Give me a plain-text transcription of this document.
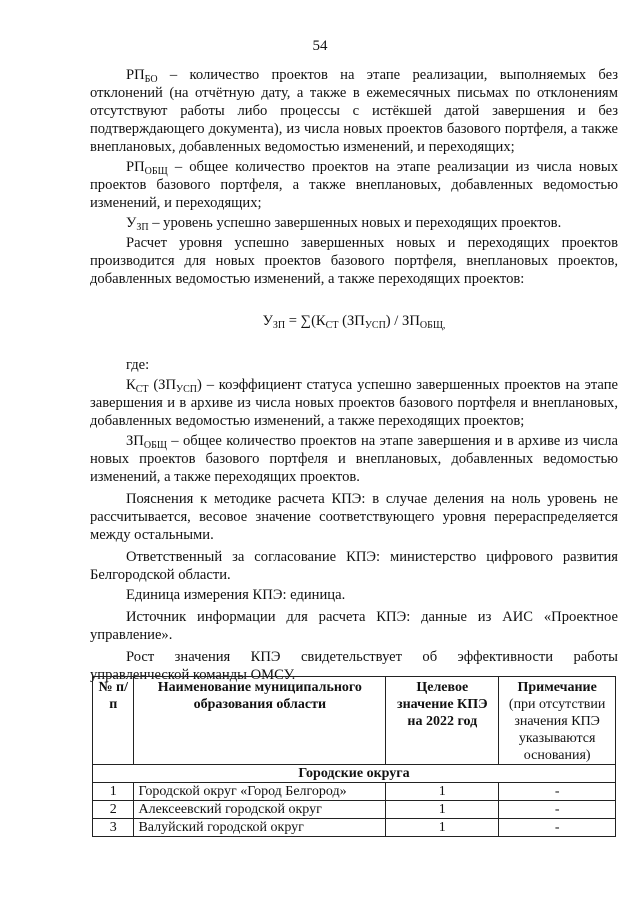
54

$РП_{БО}$ – количество проектов на этапе реализации, выполняемых без отклонений (на отчётную дату, а также в ежемесячных письмах по отклонениям отсутствуют работы либо процессы с истёкшей датой завершения и без подтверждающего документа), из числа новых проектов базового портфеля, а также внеплановых, добавленных ведомостью изменений, и переходящих;

$РП_{ОБЩ}$ – общее количество проектов на этапе реализации из числа новых проектов базового портфеля, а также внеплановых, добавленных ведомостью изменений, и переходящих;

$У_{ЗП}$ – уровень успешно завершенных новых и переходящих проектов.

Расчет уровня успешно завершенных новых и переходящих проектов производится для новых проектов базового портфеля, внеплановых проектов, добавленных ведомостью изменений, а также переходящих проектов:

$У_{ЗП} = \sum(К_{СТ}$ $(ЗП_{УСП}) / ЗП_{ОБЩ,}$

где:

$К_{СТ}$ $(ЗП_{УСП})$ – коэффициент статуса успешно завершенных проектов на этапе завершения и в архиве из числа новых проектов базового портфеля и внеплановых, добавленных ведомостью изменений, а также переходящих проектов;

$ЗП_{ОБЩ}$ – общее количество проектов на этапе завершения и в архиве из числа новых проектов базового портфеля и внеплановых, добавленных ведомостью изменений, а также переходящих проектов.

Пояснения к методике расчета КПЭ: в случае деления на ноль уровень не рассчитывается, весовое значение соответствующего уровня перераспределяется между остальными.

Ответственный за согласование КПЭ: министерство цифрового развития Белгородской области.

Единица измерения КПЭ: единица.

Источник информации для расчета КПЭ: данные из АИС «Проектное управление».

Рост значения КПЭ свидетельствует об эффективности работы управленческой команды ОМСУ.

№ п/п	Наименование муниципального образования области	Целевое значение КПЭ на 2022 год	Примечание
(при отсутствии значения КПЭ указываются основания)
Городские округа			
1	Городской округ «Город Белгород»	1	-
2	Алексеевский городской округ	1	-
3	Валуйский городской округ	1	-
